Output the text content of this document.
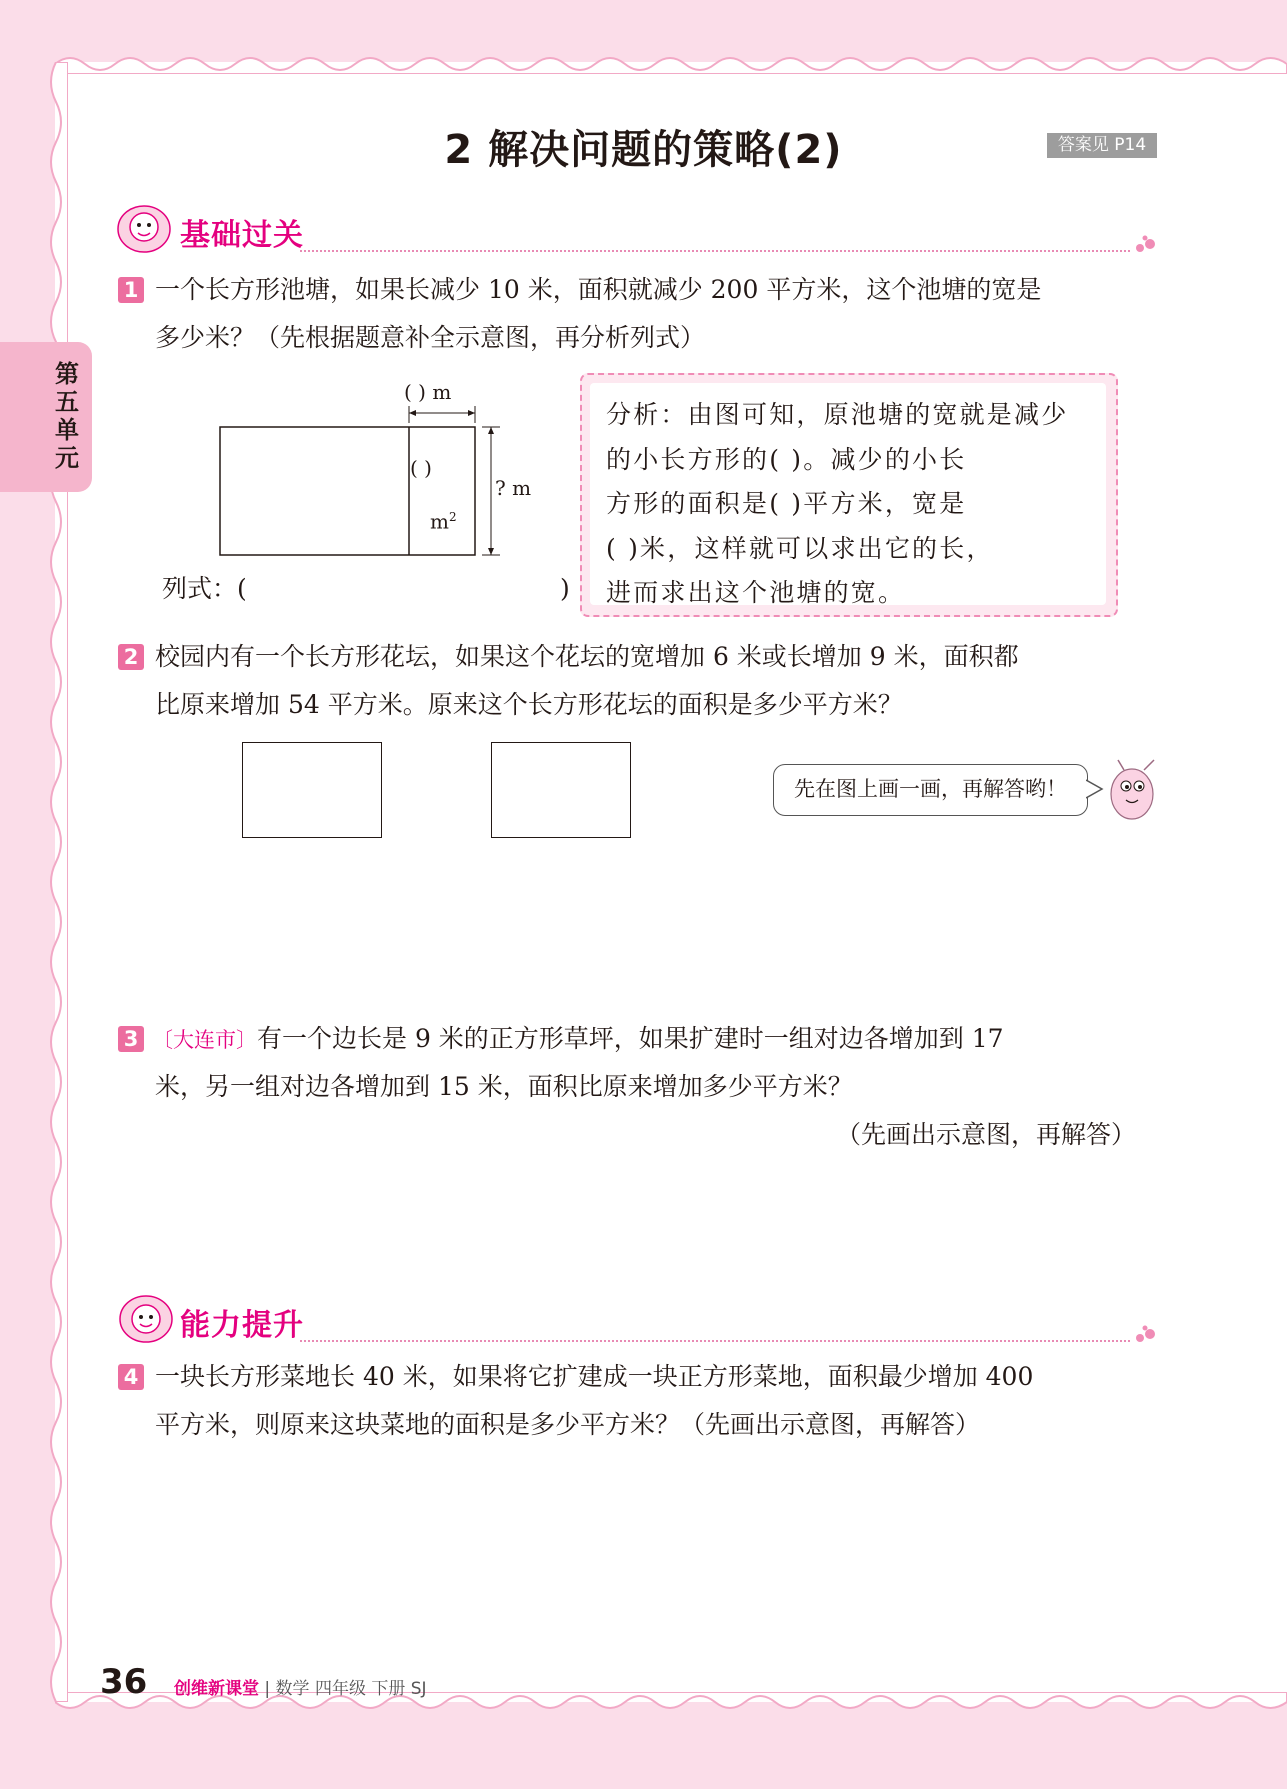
2 解决问题的策略(2)	答案见 P14
第五单元
基础过关
1 一个长方形池塘，如果长减少 10 米，面积就减少 200 平方米，这个池塘的宽是
多少米？（先根据题意补全示意图，再分析列式）
( ) m
( )
$m^2$
? m
列式：(	)
分析：由图可知，原池塘的宽就是减少
的小长方形的( )。减少的小长
方形的面积是( )平方米，宽是
( )米，这样就可以求出它的长，
进而求出这个池塘的宽。
2 校园内有一个长方形花坛，如果这个花坛的宽增加 6 米或长增加 9 米，面积都
比原来增加 54 平方米。原来这个长方形花坛的面积是多少平方米？
先在图上画一画，再解答哟！
3 〔大连市〕有一个边长是 9 米的正方形草坪，如果扩建时一组对边各增加到 17
米，另一组对边各增加到 15 米，面积比原来增加多少平方米？
（先画出示意图，再解答）
能力提升
4 一块长方形菜地长 40 米，如果将它扩建成一块正方形菜地，面积最少增加 400
平方米，则原来这块菜地的面积是多少平方米？（先画出示意图，再解答）
36 创维新课堂 | 数学 四年级 下册 SJ
